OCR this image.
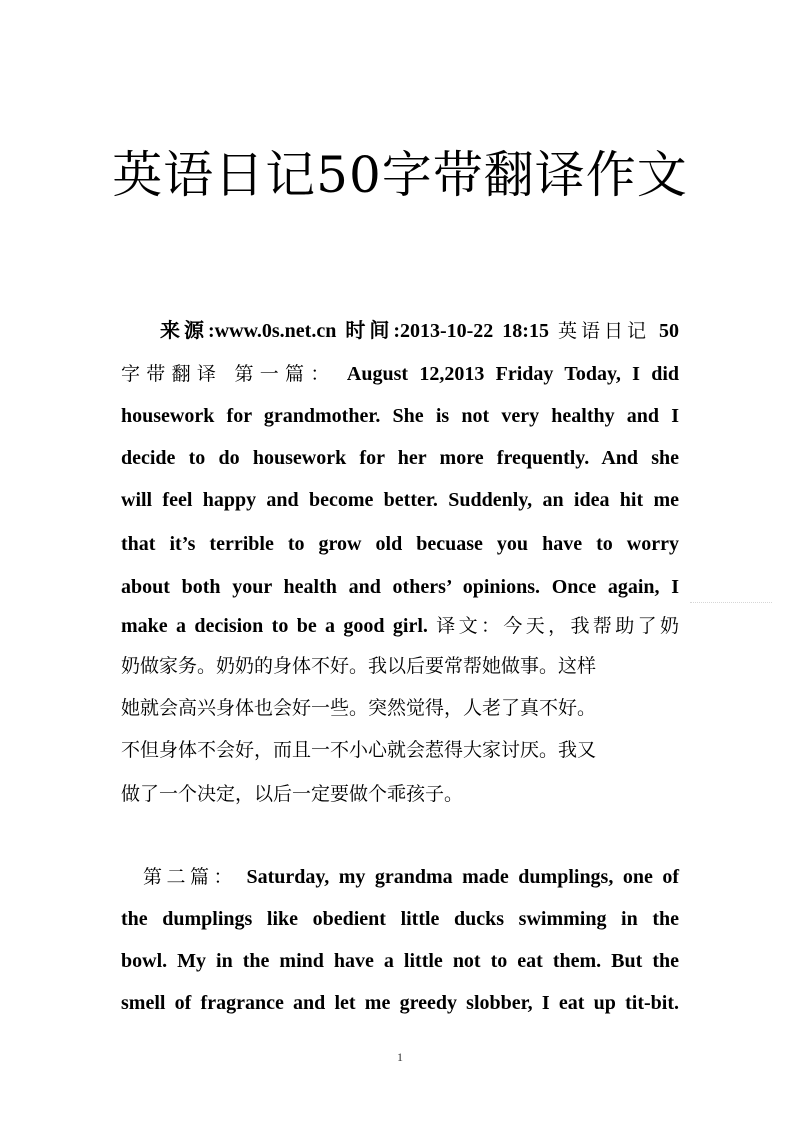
英语日记50字带翻译作文
来源:www.0s.net.cn 时间:2013-10-22 18:15 英语日记 50
字带翻译 第一篇： August 12,2013 Friday Today, I did
housework for grandmother. She is not very healthy and I
decide to do housework for her more frequently. And she
will feel happy and become better. Suddenly, an idea hit me
that it’s terrible to grow old becuase you have to worry
about both your health and others’ opinions. Once again, I
make a decision to be a good girl. 译文：今天，我帮助了奶
奶做家务。奶奶的身体不好。我以后要常帮她做事。这样
她就会高兴身体也会好一些。突然觉得，人老了真不好。
不但身体不会好，而且一不小心就会惹得大家讨厌。我又
做了一个决定，以后一定要做个乖孩子。
第二篇： Saturday, my grandma made dumplings, one of
the dumplings like obedient little ducks swimming in the
bowl. My in the mind have a little not to eat them. But the
smell of fragrance and let me greedy slobber, I eat up tit-bit.
1
